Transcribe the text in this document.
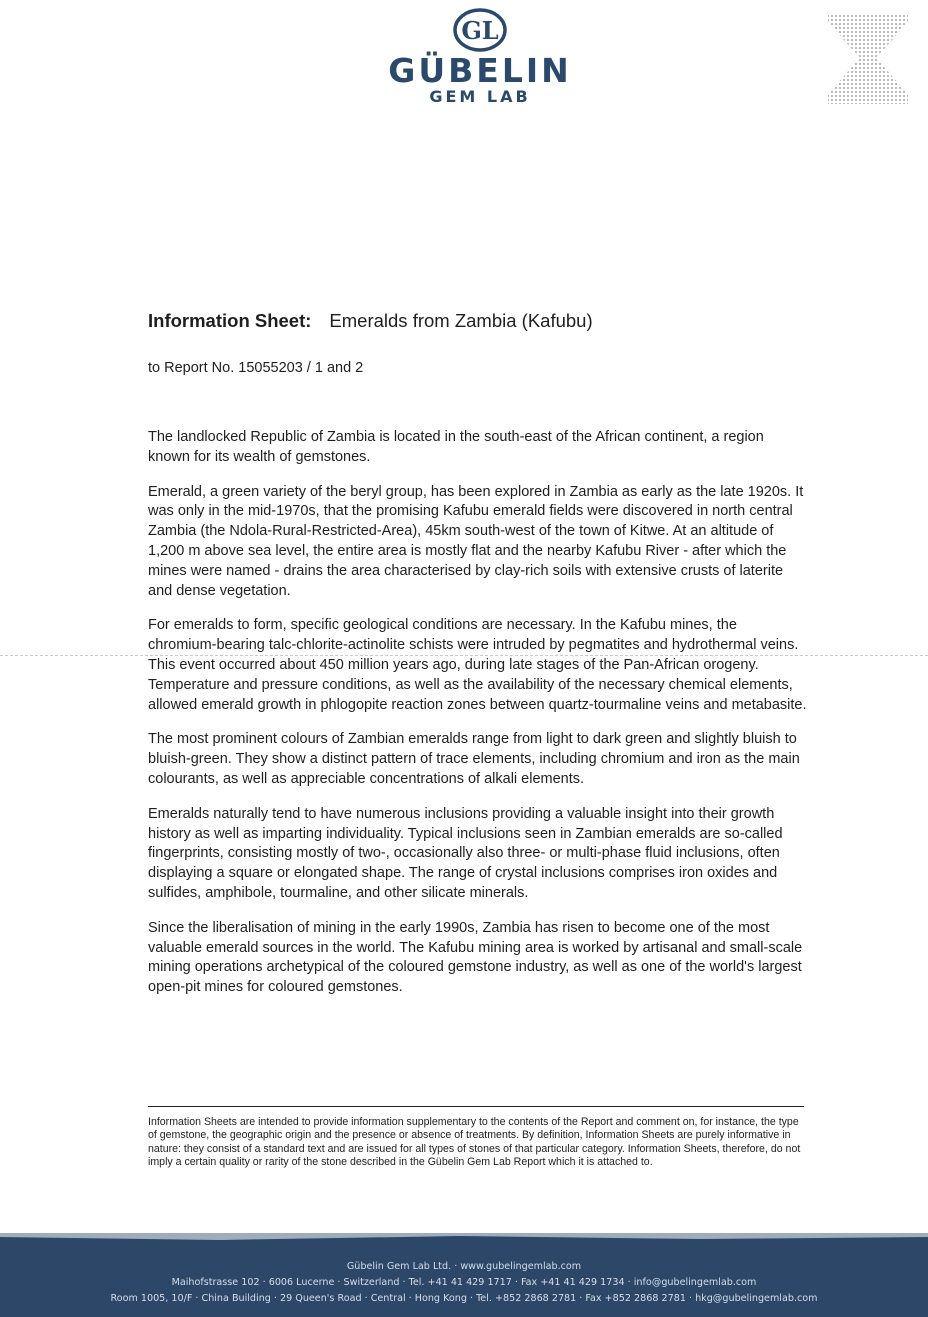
GL
GÜBELIN
GEM LAB
Information Sheet: Emeralds from Zambia (Kafubu)
to Report No. 15055203 / 1 and 2

The landlocked Republic of Zambia is located in the south-east of the African continent, a region known for its wealth of gemstones.

Emerald, a green variety of the beryl group, has been explored in Zambia as early as the late 1920s. It was only in the mid-1970s, that the promising Kafubu emerald fields were discovered in north central Zambia (the Ndola-Rural-Restricted-Area), 45km south-west of the town of Kitwe. At an altitude of 1,200 m above sea level, the entire area is mostly flat and the nearby Kafubu River - after which the mines were named - drains the area characterised by clay-rich soils with extensive crusts of laterite and dense vegetation.

For emeralds to form, specific geological conditions are necessary. In the Kafubu mines, the chromium-bearing talc-chlorite-actinolite schists were intruded by pegmatites and hydrothermal veins. This event occurred about 450 million years ago, during late stages of the Pan-African orogeny. Temperature and pressure conditions, as well as the availability of the necessary chemical elements, allowed emerald growth in phlogopite reaction zones between quartz-tourmaline veins and metabasite.

The most prominent colours of Zambian emeralds range from light to dark green and slightly bluish to bluish-green. They show a distinct pattern of trace elements, including chromium and iron as the main colourants, as well as appreciable concentrations of alkali elements.

Emeralds naturally tend to have numerous inclusions providing a valuable insight into their growth history as well as imparting individuality. Typical inclusions seen in Zambian emeralds are so-called fingerprints, consisting mostly of two-, occasionally also three- or multi-phase fluid inclusions, often displaying a square or elongated shape. The range of crystal inclusions comprises iron oxides and sulfides, amphibole, tourmaline, and other silicate minerals.

Since the liberalisation of mining in the early 1990s, Zambia has risen to become one of the most valuable emerald sources in the world. The Kafubu mining area is worked by artisanal and small-scale mining operations archetypical of the coloured gemstone industry, as well as one of the world's largest open-pit mines for coloured gemstones.

Information Sheets are intended to provide information supplementary to the contents of the Report and comment on, for instance, the type of gemstone, the geographic origin and the presence or absence of treatments. By definition, Information Sheets are purely informative in nature: they consist of a standard text and are issued for all types of stones of that particular category. Information Sheets, therefore, do not imply a certain quality or rarity of the stone described in the Gübelin Gem Lab Report which it is attached to.
Gübelin Gem Lab Ltd. · www.gubelingemlab.com
Maihofstrasse 102 · 6006 Lucerne · Switzerland · Tel. +41 41 429 1717 · Fax +41 41 429 1734 · info@gubelingemlab.com
Room 1005, 10/F · China Building · 29 Queen's Road · Central · Hong Kong · Tel. +852 2868 2781 · Fax +852 2868 2781 · hkg@gubelingemlab.com
